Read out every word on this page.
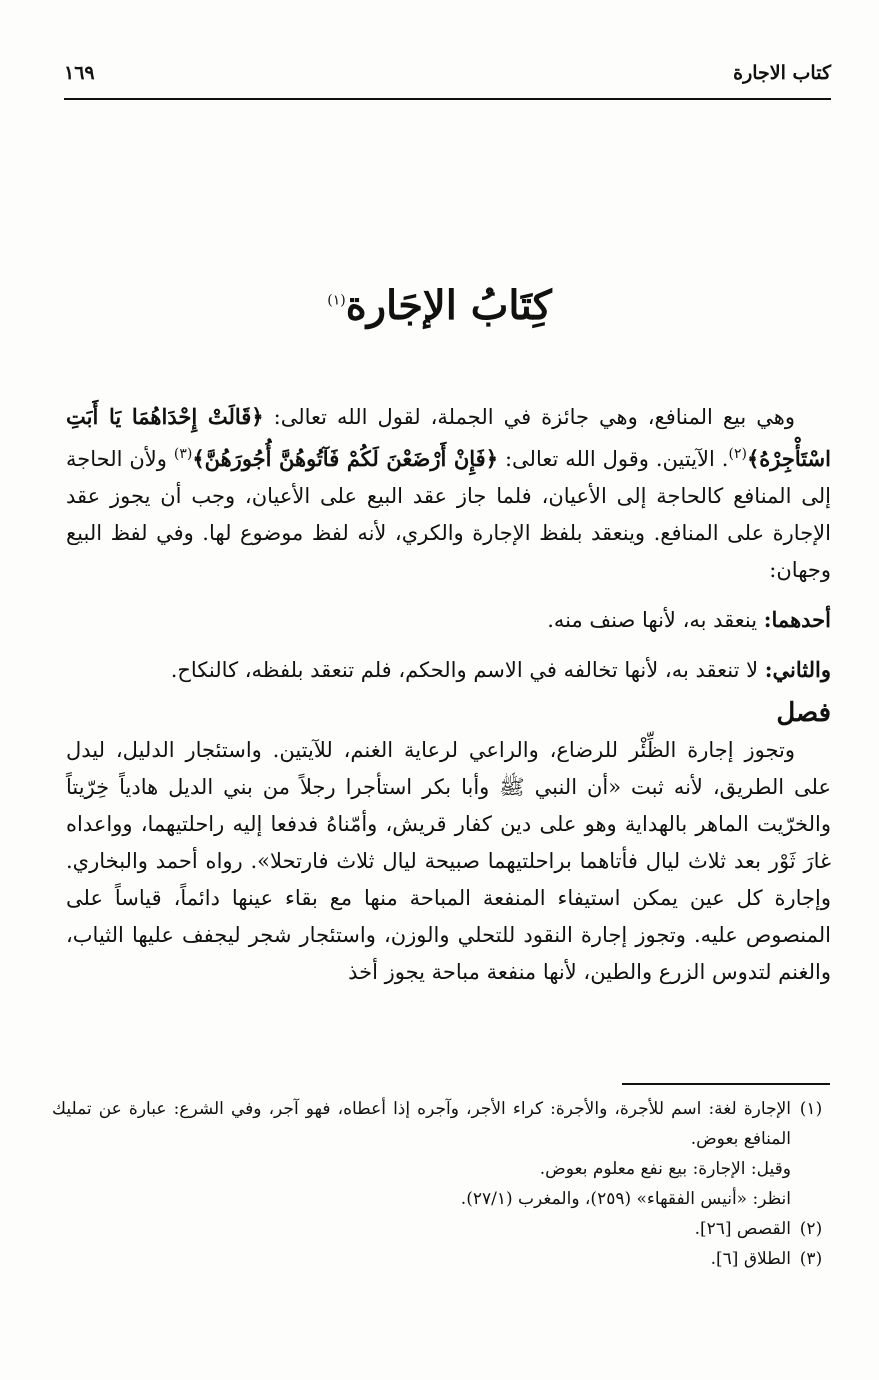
كتاب الاجارة
١٦٩
كِتَابُ الإجَارة$^{(١)}$

وهي بيع المنافع، وهي جائزة في الجملة، لقول الله تعالى: ﴿قَالَتْ إِحْدَاهُمَا يَا أَبَتِ اسْتَأْجِرْهُ﴾$^{(٢)}$. الآيتين. وقول الله تعالى: ﴿فَإِنْ أَرْضَعْنَ لَكُمْ فَآتُوهُنَّ أُجُورَهُنَّ﴾$^{(٣)}$ ولأن الحاجة إلى المنافع كالحاجة إلى الأعيان، فلما جاز عقد البيع على الأعيان، وجب أن يجوز عقد الإجارة على المنافع. وينعقد بلفظ الإجارة والكري، لأنه لفظ موضوع لها. وفي لفظ البيع وجهان:

أحدهما: ينعقد به، لأنها صنف منه.

والثاني: لا تنعقد به، لأنها تخالفه في الاسم والحكم، فلم تنعقد بلفظه، كالنكاح.

فصل

وتجوز إجارة الظِّئْر للرضاع، والراعي لرعاية الغنم، للآيتين. واستئجار الدليل، ليدل على الطريق، لأنه ثبت «أن النبي ﷺ وأبا بكر استأجرا رجلاً من بني الديل هادياً خِرّيتاً والخرّيت الماهر بالهداية وهو على دين كفار قريش، وأمّناهُ فدفعا إليه راحلتيهما، وواعداه غارَ ثَوْر بعد ثلاث ليال فأتاهما براحلتيهما صبيحة ليال ثلاث فارتحلا». رواه أحمد والبخاري. وإجارة كل عين يمكن استيفاء المنفعة المباحة منها مع بقاء عينها دائماً، قياساً على المنصوص عليه. وتجوز إجارة النقود للتحلي والوزن، واستئجار شجر ليجفف عليها الثياب، والغنم لتدوس الزرع والطين، لأنها منفعة مباحة يجوز أخذ

(١)
الإجارة لغة: اسم للأجرة، والأجرة: كراء الأجر، وآجره إذا أعطاه، فهو آجر، وفي الشرع: عبارة عن تمليك المنافع بعوض.

وقيل: الإجارة: بيع نفع معلوم بعوض.

انظر: «أنيس الفقهاء» (٢٥٩)، والمغرب (٢٧/١).

(٢)
القصص [٢٦].
(٣)
الطلاق [٦].
